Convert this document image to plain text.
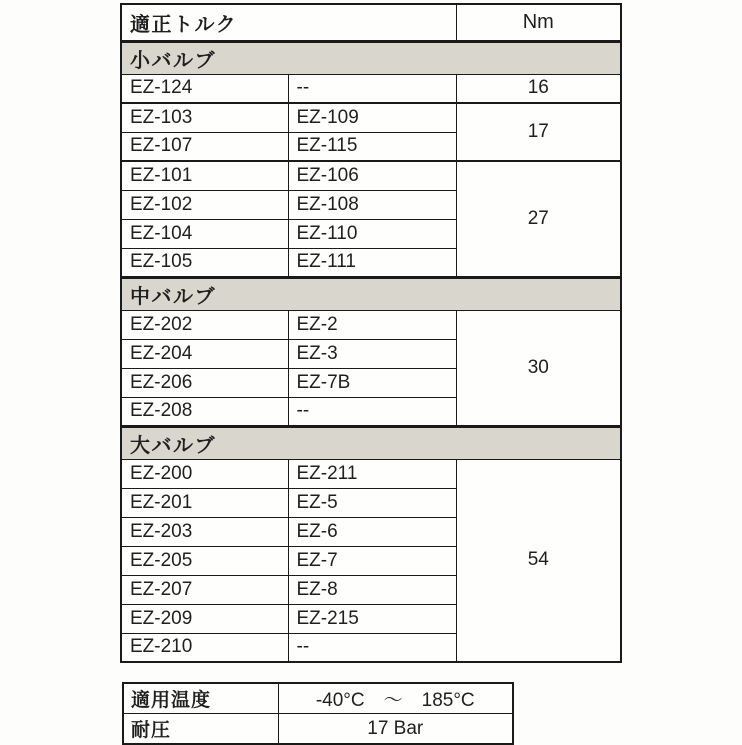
適正トルク		Nm
小バルブ		
EZ-124	--	16
EZ-103	EZ-109	17
EZ-107	EZ-115	
EZ-101	EZ-106	27
EZ-102	EZ-108	
EZ-104	EZ-110	
EZ-105	EZ-111	
中バルブ		
EZ-202	EZ-2	30
EZ-204	EZ-3	
EZ-206	EZ-7B	
EZ-208	--	
大バルブ		
EZ-200	EZ-211	54
EZ-201	EZ-5	
EZ-203	EZ-6	
EZ-205	EZ-7	
EZ-207	EZ-8	
EZ-209	EZ-215	
EZ-210	--	
適用温度	-40°C　～　185°C
耐圧	17 Bar
